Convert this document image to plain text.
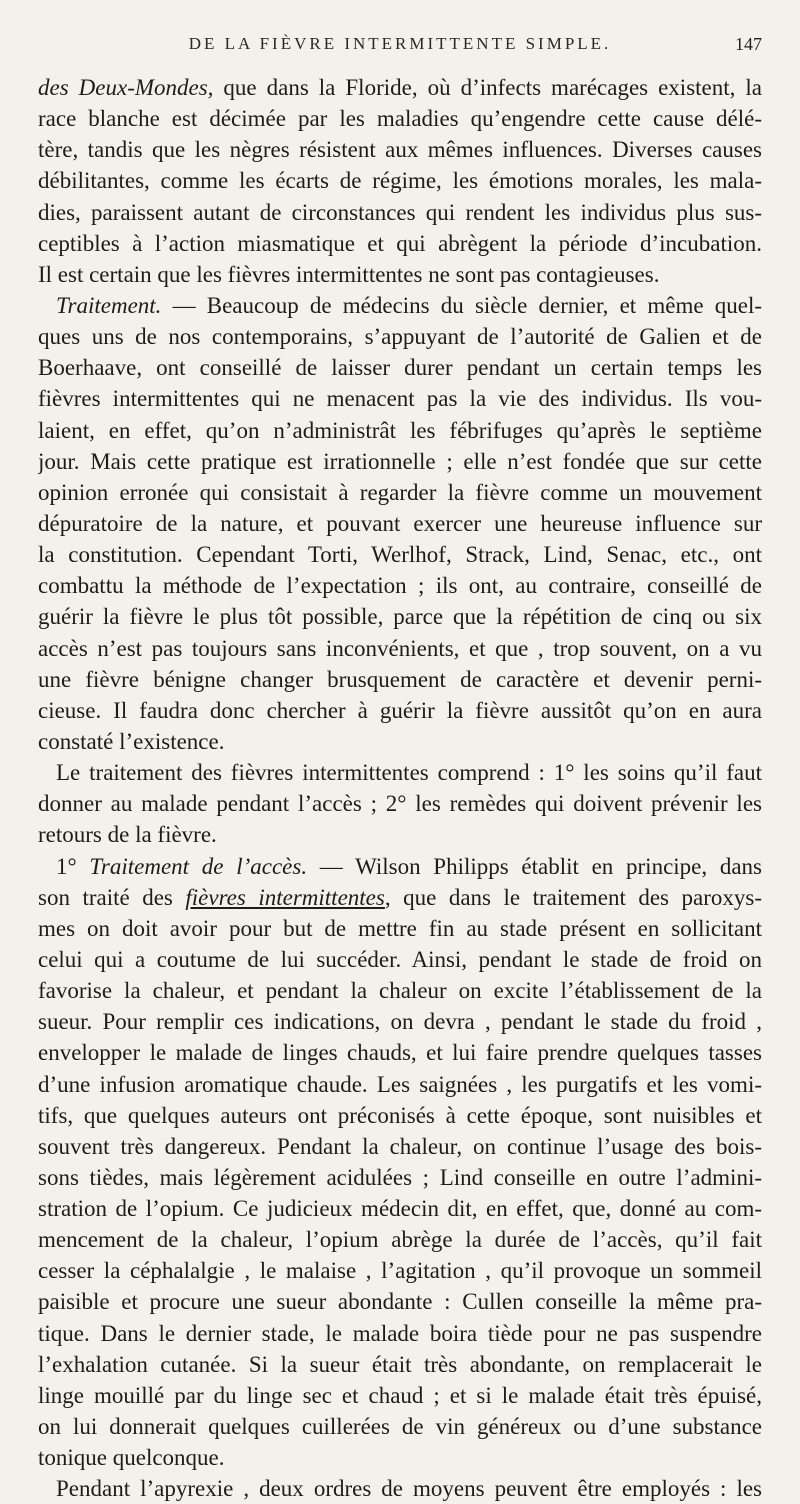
DE LA FIÈVRE INTERMITTENTE SIMPLE.	147
des Deux-Mondes, que dans la Floride, où d’infects marécages existent, la
race blanche est décimée par les maladies qu’engendre cette cause délé-
tère, tandis que les nègres résistent aux mêmes influences. Diverses causes
débilitantes, comme les écarts de régime, les émotions morales, les mala-
dies, paraissent autant de circonstances qui rendent les individus plus sus-
ceptibles à l’action miasmatique et qui abrègent la période d’incubation.
Il est certain que les fièvres intermittentes ne sont pas contagieuses.
Traitement. — Beaucoup de médecins du siècle dernier, et même quel-
ques uns de nos contemporains, s’appuyant de l’autorité de Galien et de
Boerhaave, ont conseillé de laisser durer pendant un certain temps les
fièvres intermittentes qui ne menacent pas la vie des individus. Ils vou-
laient, en effet, qu’on n’administrât les fébrifuges qu’après le septième
jour. Mais cette pratique est irrationnelle ; elle n’est fondée que sur cette
opinion erronée qui consistait à regarder la fièvre comme un mouvement
dépuratoire de la nature, et pouvant exercer une heureuse influence sur
la constitution. Cependant Torti, Werlhof, Strack, Lind, Senac, etc., ont
combattu la méthode de l’expectation ; ils ont, au contraire, conseillé de
guérir la fièvre le plus tôt possible, parce que la répétition de cinq ou six
accès n’est pas toujours sans inconvénients, et que , trop souvent, on a vu
une fièvre bénigne changer brusquement de caractère et devenir perni-
cieuse. Il faudra donc chercher à guérir la fièvre aussitôt qu’on en aura
constaté l’existence.
Le traitement des fièvres intermittentes comprend : 1° les soins qu’il faut
donner au malade pendant l’accès ; 2° les remèdes qui doivent prévenir les
retours de la fièvre.
1° Traitement de l’accès. — Wilson Philipps établit en principe, dans
son traité des fièvres intermittentes, que dans le traitement des paroxys-
mes on doit avoir pour but de mettre fin au stade présent en sollicitant
celui qui a coutume de lui succéder. Ainsi, pendant le stade de froid on
favorise la chaleur, et pendant la chaleur on excite l’établissement de la
sueur. Pour remplir ces indications, on devra , pendant le stade du froid ,
envelopper le malade de linges chauds, et lui faire prendre quelques tasses
d’une infusion aromatique chaude. Les saignées , les purgatifs et les vomi-
tifs, que quelques auteurs ont préconisés à cette époque, sont nuisibles et
souvent très dangereux. Pendant la chaleur, on continue l’usage des bois-
sons tièdes, mais légèrement acidulées ; Lind conseille en outre l’admini-
stration de l’opium. Ce judicieux médecin dit, en effet, que, donné au com-
mencement de la chaleur, l’opium abrège la durée de l’accès, qu’il fait
cesser la céphalalgie , le malaise , l’agitation , qu’il provoque un sommeil
paisible et procure une sueur abondante : Cullen conseille la même pra-
tique. Dans le dernier stade, le malade boira tiède pour ne pas suspendre
l’exhalation cutanée. Si la sueur était très abondante, on remplacerait le
linge mouillé par du linge sec et chaud ; et si le malade était très épuisé,
on lui donnerait quelques cuillerées de vin généreux ou d’une substance
tonique quelconque.
Pendant l’apyrexie , deux ordres de moyens peuvent être employés : les
